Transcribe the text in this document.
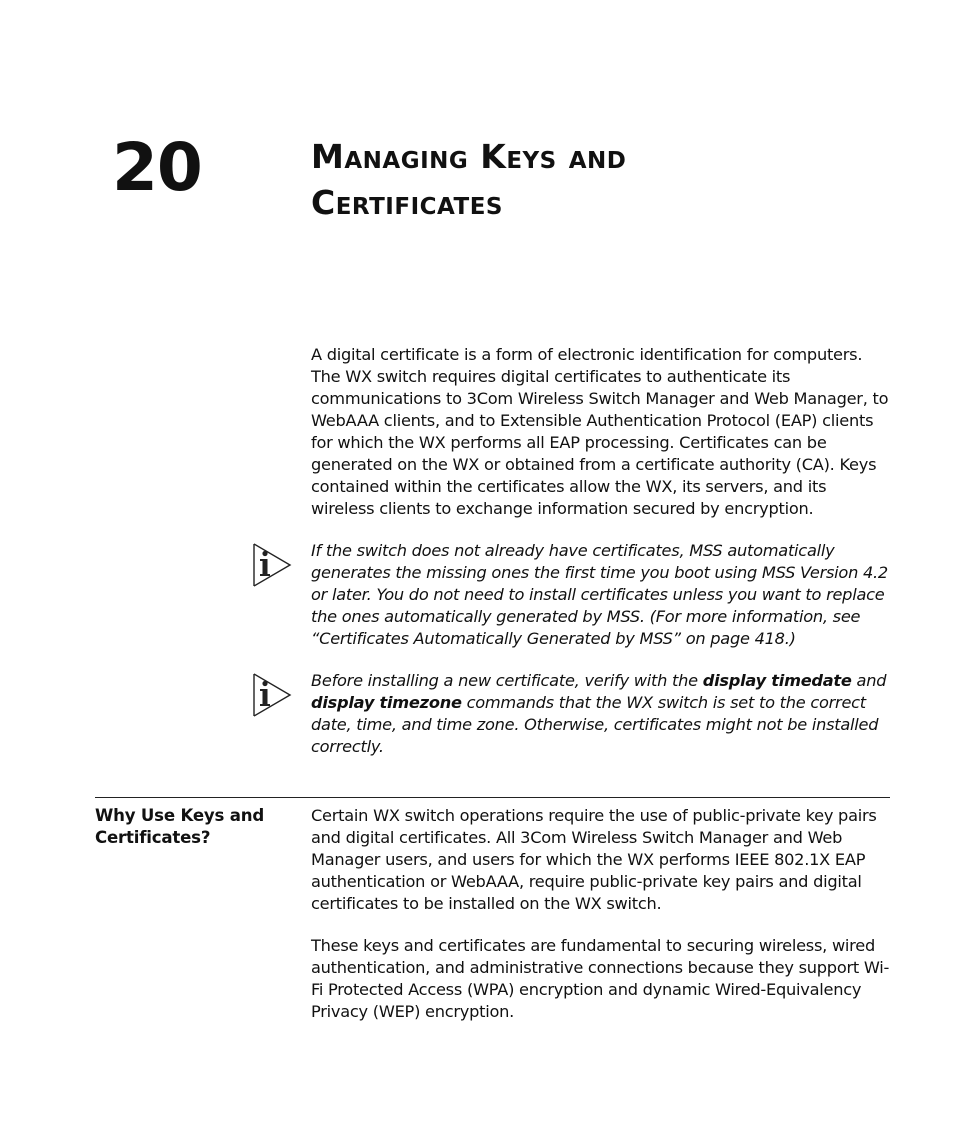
20	Managing Keys and
Certificates

A digital certificate is a form of electronic identification for computers. The WX switch requires digital certificates to authenticate its communications to 3Com Wireless Switch Manager and Web Manager, to WebAAA clients, and to Extensible Authentication Protocol (EAP) clients for which the WX performs all EAP processing. Certificates can be generated on the WX or obtained from a certificate authority (CA). Keys contained within the certificates allow the WX, its servers, and its wireless clients to exchange information secured by encryption.

If the switch does not already have certificates, MSS automatically generates the missing ones the first time you boot using MSS Version 4.2 or later. You do not need to install certificates unless you want to replace the ones automatically generated by MSS. (For more information, see “Certificates Automatically Generated by MSS” on page 418.)

Before installing a new certificate, verify with the display timedate and display timezone commands that the WX switch is set to the correct date, time, and time zone. Otherwise, certificates might not be installed correctly.

Why Use Keys and
Certificates?

Certain WX switch operations require the use of public-private key pairs and digital certificates. All 3Com Wireless Switch Manager and Web Manager users, and users for which the WX performs IEEE 802.1X EAP authentication or WebAAA, require public-private key pairs and digital certificates to be installed on the WX switch.

These keys and certificates are fundamental to securing wireless, wired authentication, and administrative connections because they support Wi-Fi Protected Access (WPA) encryption and dynamic Wired-Equivalency Privacy (WEP) encryption.
